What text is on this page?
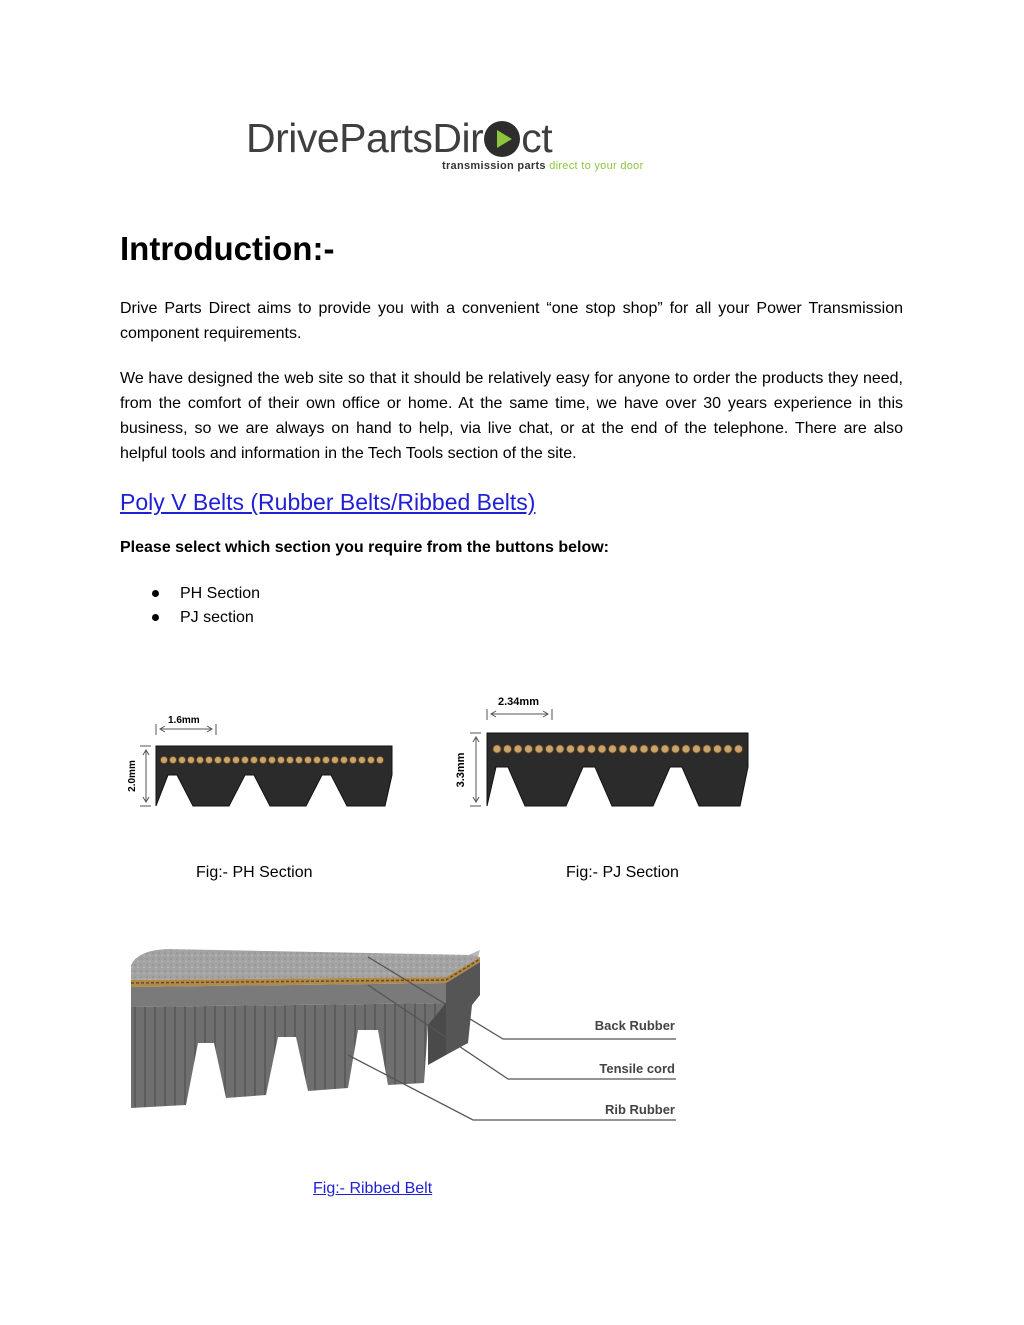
DrivePartsDir ct
transmission parts direct to your door
Introduction:-

Drive Parts Direct aims to provide you with a convenient “one stop shop” for all your Power Transmission component requirements.

We have designed the web site so that it should be relatively easy for anyone to order the products they need, from the comfort of their own office or home. At the same time, we have over 30 years experience in this business, so we are always on hand to help, via live chat, or at the end of the telephone. There are also helpful tools and information in the Tech Tools section of the site.

Poly V Belts (Rubber Belts/Ribbed Belts)
Please select which section you require from the buttons below:
PH Section
PJ section
1.6mm
2.0mm
2.34mm
3.3mm
Fig:- PH Section	Fig:- PJ Section
Back Rubber
Tensile cord
Rib Rubber
Fig:- Ribbed Belt
